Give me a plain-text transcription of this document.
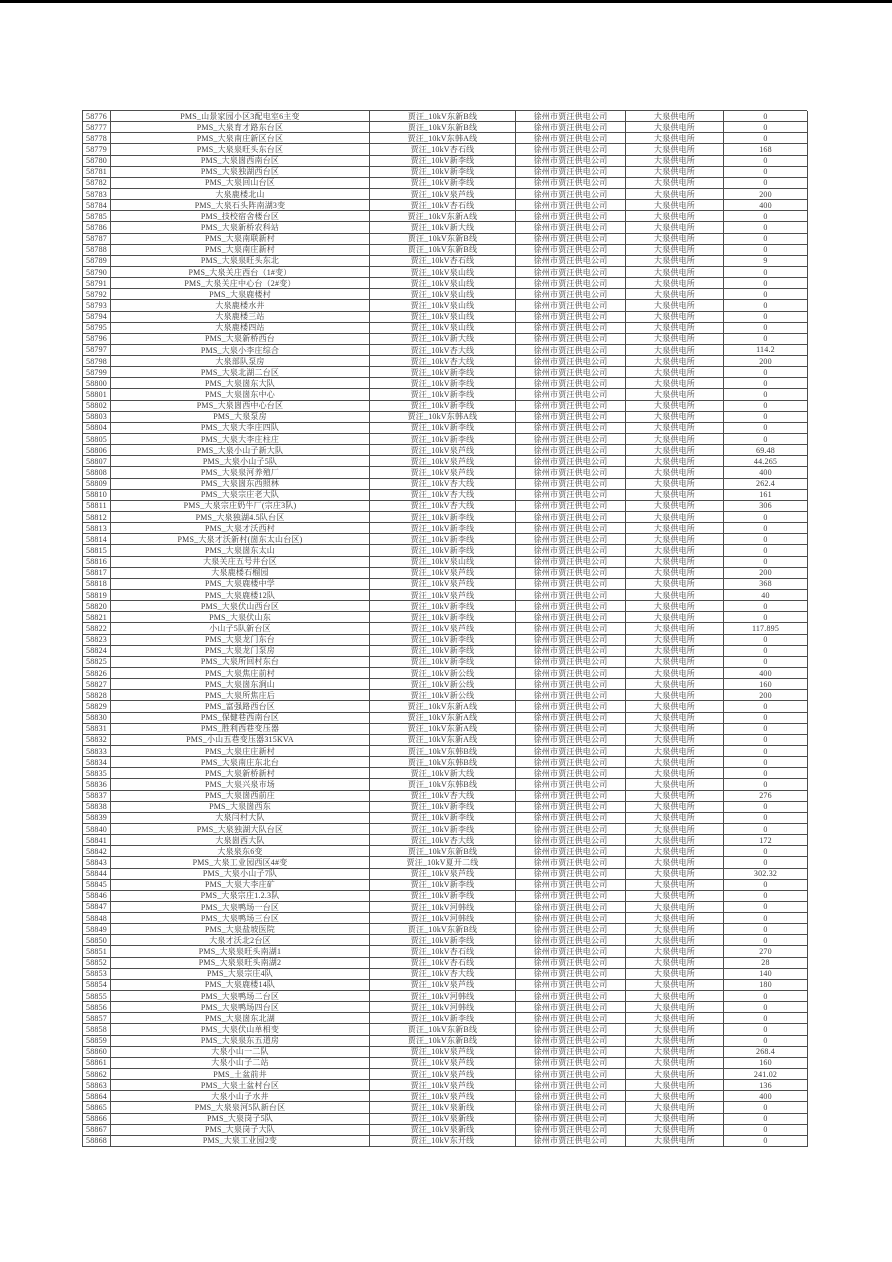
58776	PMS_山景家园小区3配电室6主变	贾汪_10kV东新B线	徐州市贾汪供电公司	大泉供电所	0
58777	PMS_大泉育才路东台区	贾汪_10kV东新B线	徐州市贾汪供电公司	大泉供电所	0
58778	PMS_大泉南庄新区台区	贾汪_10kV东韩A线	徐州市贾汪供电公司	大泉供电所	0
58779	PMS_大泉泉旺头东台区	贾汪_10kV杏石线	徐州市贾汪供电公司	大泉供电所	168
58780	PMS_大泉崮西南台区	贾汪_10kV新李线	徐州市贾汪供电公司	大泉供电所	0
58781	PMS_大泉独湖西台区	贾汪_10kV新李线	徐州市贾汪供电公司	大泉供电所	0
58782	PMS_大泉回山台区	贾汪_10kV新李线	徐州市贾汪供电公司	大泉供电所	0
58783	大泉鹿楼北山	贾汪_10kV泉芦线	徐州市贾汪供电公司	大泉供电所	200
58784	PMS_大泉石头阵南湖3变	贾汪_10kV杏石线	徐州市贾汪供电公司	大泉供电所	400
58785	PMS_技校宿舍楼台区	贾汪_10kV东新A线	徐州市贾汪供电公司	大泉供电所	0
58786	PMS_大泉新桥农科站	贾汪_10kV新大线	徐州市贾汪供电公司	大泉供电所	0
58787	PMS_大泉南联新村	贾汪_10kV东新B线	徐州市贾汪供电公司	大泉供电所	0
58788	PMS_大泉南庄新村	贾汪_10kV东新B线	徐州市贾汪供电公司	大泉供电所	0
58789	PMS_大泉泉旺头东北	贾汪_10kV杏石线	徐州市贾汪供电公司	大泉供电所	9
58790	PMS_大泉关庄西台（1#变）	贾汪_10kV泉山线	徐州市贾汪供电公司	大泉供电所	0
58791	PMS_大泉关庄中心台（2#变）	贾汪_10kV泉山线	徐州市贾汪供电公司	大泉供电所	0
58792	PMS_大泉鹿楼村	贾汪_10kV泉山线	徐州市贾汪供电公司	大泉供电所	0
58793	大泉鹿楼水井	贾汪_10kV泉山线	徐州市贾汪供电公司	大泉供电所	0
58794	大泉鹿楼三站	贾汪_10kV泉山线	徐州市贾汪供电公司	大泉供电所	0
58795	大泉鹿楼四站	贾汪_10kV泉山线	徐州市贾汪供电公司	大泉供电所	0
58796	PMS_大泉新桥西台	贾汪_10kV新大线	徐州市贾汪供电公司	大泉供电所	0
58797	PMS_大泉小李庄综合	贾汪_10kV杏大线	徐州市贾汪供电公司	大泉供电所	114.2
58798	大泉部队泵房	贾汪_10kV杏大线	徐州市贾汪供电公司	大泉供电所	200
58799	PMS_大泉北湖二台区	贾汪_10kV新李线	徐州市贾汪供电公司	大泉供电所	0
58800	PMS_大泉崮东大队	贾汪_10kV新李线	徐州市贾汪供电公司	大泉供电所	0
58801	PMS_大泉崮东中心	贾汪_10kV新李线	徐州市贾汪供电公司	大泉供电所	0
58802	PMS_大泉崮西中心台区	贾汪_10kV新李线	徐州市贾汪供电公司	大泉供电所	0
58803	PMS_大泉泵房	贾汪_10kV东韩A线	徐州市贾汪供电公司	大泉供电所	0
58804	PMS_大泉大李庄四队	贾汪_10kV新李线	徐州市贾汪供电公司	大泉供电所	0
58805	PMS_大泉大李庄柱庄	贾汪_10kV新李线	徐州市贾汪供电公司	大泉供电所	0
58806	PMS_大泉小山子新大队	贾汪_10kV泉芦线	徐州市贾汪供电公司	大泉供电所	69.48
58807	PMS_大泉小山子5队	贾汪_10kV泉芦线	徐州市贾汪供电公司	大泉供电所	44.265
58808	PMS_大泉泉河养殖厂	贾汪_10kV泉芦线	徐州市贾汪供电公司	大泉供电所	400
58809	PMS_大泉崮东西照林	贾汪_10kV杏大线	徐州市贾汪供电公司	大泉供电所	262.4
58810	PMS_大泉宗庄老大队	贾汪_10kV杏大线	徐州市贾汪供电公司	大泉供电所	161
58811	PMS_大泉宗庄奶牛厂(宗庄3队)	贾汪_10kV杏大线	徐州市贾汪供电公司	大泉供电所	306
58812	PMS_大泉独湖4.5队台区	贾汪_10kV新李线	徐州市贾汪供电公司	大泉供电所	0
58813	PMS_大泉才沃西村	贾汪_10kV新李线	徐州市贾汪供电公司	大泉供电所	0
58814	PMS_大泉才沃新村(崮东太山台区)	贾汪_10kV新李线	徐州市贾汪供电公司	大泉供电所	0
58815	PMS_大泉崮东太山	贾汪_10kV新李线	徐州市贾汪供电公司	大泉供电所	0
58816	大泉关庄五号井台区	贾汪_10kV泉山线	徐州市贾汪供电公司	大泉供电所	0
58817	大泉鹿楼石榴园	贾汪_10kV泉芦线	徐州市贾汪供电公司	大泉供电所	200
58818	PMS_大泉鹿楼中学	贾汪_10kV泉芦线	徐州市贾汪供电公司	大泉供电所	368
58819	PMS_大泉鹿楼12队	贾汪_10kV泉芦线	徐州市贾汪供电公司	大泉供电所	40
58820	PMS_大泉伏山西台区	贾汪_10kV新李线	徐州市贾汪供电公司	大泉供电所	0
58821	PMS_大泉伏山东	贾汪_10kV新李线	徐州市贾汪供电公司	大泉供电所	0
58822	小山子5队新台区	贾汪_10kV泉芦线	徐州市贾汪供电公司	大泉供电所	117.895
58823	PMS_大泉龙门东台	贾汪_10kV新李线	徐州市贾汪供电公司	大泉供电所	0
58824	PMS_大泉龙门泵房	贾汪_10kV新李线	徐州市贾汪供电公司	大泉供电所	0
58825	PMS_大泉所回村东台	贾汪_10kV新李线	徐州市贾汪供电公司	大泉供电所	0
58826	PMS_大泉焦庄前村	贾汪_10kV新公线	徐州市贾汪供电公司	大泉供电所	400
58827	PMS_大泉崮东涧山	贾汪_10kV新公线	徐州市贾汪供电公司	大泉供电所	160
58828	PMS_大泉所焦庄后	贾汪_10kV新公线	徐州市贾汪供电公司	大泉供电所	200
58829	PMS_富强路西台区	贾汪_10kV东新A线	徐州市贾汪供电公司	大泉供电所	0
58830	PMS_保健巷西南台区	贾汪_10kV东新A线	徐州市贾汪供电公司	大泉供电所	0
58831	PMS_胜利西巷变压器	贾汪_10kV东新A线	徐州市贾汪供电公司	大泉供电所	0
58832	PMS_小山五巷变压器315KVA	贾汪_10kV东新A线	徐州市贾汪供电公司	大泉供电所	0
58833	PMS_大泉庄庄新村	贾汪_10kV东韩B线	徐州市贾汪供电公司	大泉供电所	0
58834	PMS_大泉南庄东北台	贾汪_10kV东韩B线	徐州市贾汪供电公司	大泉供电所	0
58835	PMS_大泉新桥新村	贾汪_10kV新大线	徐州市贾汪供电公司	大泉供电所	0
58836	PMS_大泉兴泉市场	贾汪_10kV东韩B线	徐州市贾汪供电公司	大泉供电所	0
58837	PMS_大泉崮西前庄	贾汪_10kV杏大线	徐州市贾汪供电公司	大泉供电所	276
58838	PMS_大泉崮西东	贾汪_10kV新李线	徐州市贾汪供电公司	大泉供电所	0
58839	大泉闫村大队	贾汪_10kV新李线	徐州市贾汪供电公司	大泉供电所	0
58840	PMS_大泉独湖大队台区	贾汪_10kV新李线	徐州市贾汪供电公司	大泉供电所	0
58841	大泉崮西大队	贾汪_10kV杏大线	徐州市贾汪供电公司	大泉供电所	172
58842	大泉泉东6变	贾汪_10kV东新B线	徐州市贾汪供电公司	大泉供电所	0
58843	PMS_大泉工业园西区4#变	贾汪_10kV夏开二线	徐州市贾汪供电公司	大泉供电所	0
58844	PMS_大泉小山子7队	贾汪_10kV泉芦线	徐州市贾汪供电公司	大泉供电所	302.32
58845	PMS_大泉大李庄矿	贾汪_10kV新李线	徐州市贾汪供电公司	大泉供电所	0
58846	PMS_大泉宗庄1.2.3队	贾汪_10kV新李线	徐州市贾汪供电公司	大泉供电所	0
58847	PMS_大泉鸭场一台区	贾汪_10kV河韩线	徐州市贾汪供电公司	大泉供电所	0
58848	PMS_大泉鸭场三台区	贾汪_10kV河韩线	徐州市贾汪供电公司	大泉供电所	0
58849	PMS_大泉盐坡医院	贾汪_10kV东新B线	徐州市贾汪供电公司	大泉供电所	0
58850	大泉才沃北2台区	贾汪_10kV新李线	徐州市贾汪供电公司	大泉供电所	0
58851	PMS_大泉泉旺头南湖1	贾汪_10kV杏石线	徐州市贾汪供电公司	大泉供电所	270
58852	PMS_大泉泉旺头南湖2	贾汪_10kV杏石线	徐州市贾汪供电公司	大泉供电所	28
58853	PMS_大泉宗庄4队	贾汪_10kV杏大线	徐州市贾汪供电公司	大泉供电所	140
58854	PMS_大泉鹿楼14队	贾汪_10kV泉芦线	徐州市贾汪供电公司	大泉供电所	180
58855	PMS_大泉鸭场二台区	贾汪_10kV河韩线	徐州市贾汪供电公司	大泉供电所	0
58856	PMS_大泉鸭场四台区	贾汪_10kV河韩线	徐州市贾汪供电公司	大泉供电所	0
58857	PMS_大泉崮东北湖	贾汪_10kV新李线	徐州市贾汪供电公司	大泉供电所	0
58858	PMS_大泉伏山单相变	贾汪_10kV东新B线	徐州市贾汪供电公司	大泉供电所	0
58859	PMS_大泉泉东五道房	贾汪_10kV东新B线	徐州市贾汪供电公司	大泉供电所	0
58860	大泉小山一二队	贾汪_10kV泉芦线	徐州市贾汪供电公司	大泉供电所	268.4
58861	大泉小山子二站	贾汪_10kV泉芦线	徐州市贾汪供电公司	大泉供电所	160
58862	PMS_土盆前井	贾汪_10kV泉芦线	徐州市贾汪供电公司	大泉供电所	241.02
58863	PMS_大泉土盆村台区	贾汪_10kV泉芦线	徐州市贾汪供电公司	大泉供电所	136
58864	大泉小山子水井	贾汪_10kV泉芦线	徐州市贾汪供电公司	大泉供电所	400
58865	PMS_大泉泉河5队新台区	贾汪_10kV泉新线	徐州市贾汪供电公司	大泉供电所	0
58866	PMS_大泉岗子5队	贾汪_10kV泉新线	徐州市贾汪供电公司	大泉供电所	0
58867	PMS_大泉岗子大队	贾汪_10kV泉新线	徐州市贾汪供电公司	大泉供电所	0
58868	PMS_大泉工业园2变	贾汪_10kV东开线	徐州市贾汪供电公司	大泉供电所	0
